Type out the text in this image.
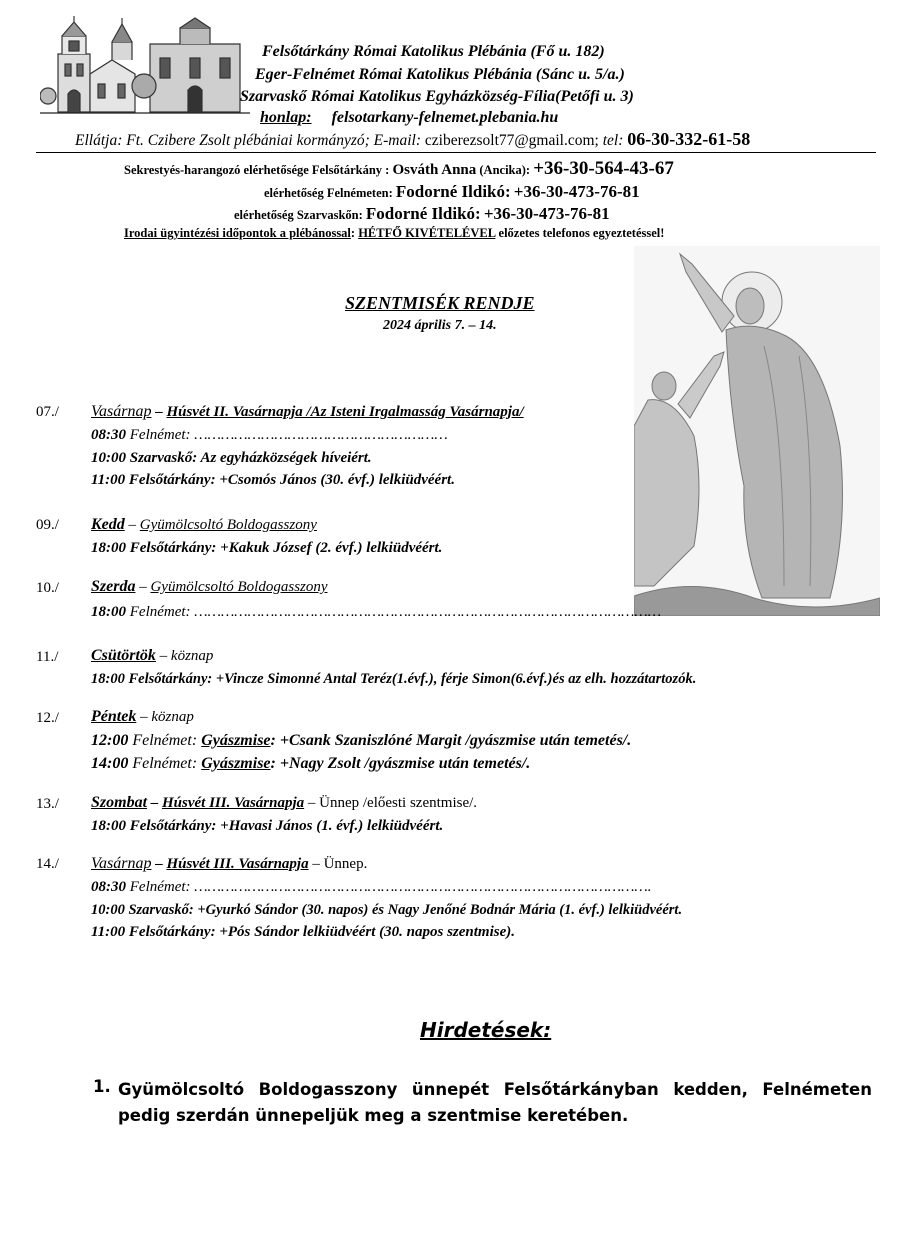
Felsőtárkány Római Katolikus Plébánia (Fő u. 182)
Eger-Felnémet Római Katolikus Plébánia (Sánc u. 5/a.)
Szarvaskő Római Katolikus Egyházközség-Fília(Petőfi u. 3)
honlap: felsotarkany-felnemet.plebania.hu
Ellátja: Ft. Czibere Zsolt plébániai kormányzó; E-mail: cziberezsolt77@gmail.com; tel: 06-30-332-61-58
Sekrestyés-harangozó elérhetősége Felsőtárkány : Osváth Anna (Ancika): +36-30-564-43-67
elérhetőség Felnémeten: Fodorné Ildikó: +36-30-473-76-81
elérhetőség Szarvaskőn: Fodorné Ildikó: +36-30-473-76-81
Irodai ügyintézési időpontok a plébánossal: HÉTFŐ KIVÉTELÉVEL előzetes telefonos egyeztetéssel!
SZENTMISÉK RENDJE
2024 április 7. – 14.
07./ Vasárnap – Húsvét II. Vasárnapja /Az Isteni Irgalmasság Vasárnapja/
08:30 Felnémet: …………………………………………………
10:00 Szarvaskő: Az egyházközségek híveiért.
11:00 Felsőtárkány: +Csomós János (30. évf.) lelkiüdvéért.
09./ Kedd – Gyümölcsoltó Boldogasszony
18:00 Felsőtárkány: +Kakuk József (2. évf.) lelkiüdvéért.
10./ Szerda – Gyümölcsoltó Boldogasszony
18:00 Felnémet: ……………………………………………………………………………………………
11./ Csütörtök – köznap
18:00 Felsőtárkány: +Vincze Simonné Antal Teréz(1.évf.), férje Simon(6.évf.)és az elh. hozzátartozók.
12./ Péntek – köznap
12:00 Felnémet: Gyászmise: +Csank Szaniszlóné Margit /gyászmise után temetés/.
14:00 Felnémet: Gyászmise: +Nagy Zsolt /gyászmise után temetés/.
13./ Szombat – Húsvét III. Vasárnapja – Ünnep /előesti szentmise/.
18:00 Felsőtárkány: +Havasi János (1. évf.) lelkiüdvéért.
14./ Vasárnap – Húsvét III. Vasárnapja – Ünnep.
08:30 Felnémet: ………………………………………………………………………………………….
10:00 Szarvaskő: +Gyurkó Sándor (30. napos) és Nagy Jenőné Bodnár Mária (1. évf.) lelkiüdvéért.
11:00 Felsőtárkány: +Pós Sándor lelkiüdvéért (30. napos szentmise).
Hirdetések:
1. Gyümölcsoltó Boldogasszony ünnepét Felsőtárkányban kedden, Felnémeten pedig szerdán ünnepeljük meg a szentmise keretében.
